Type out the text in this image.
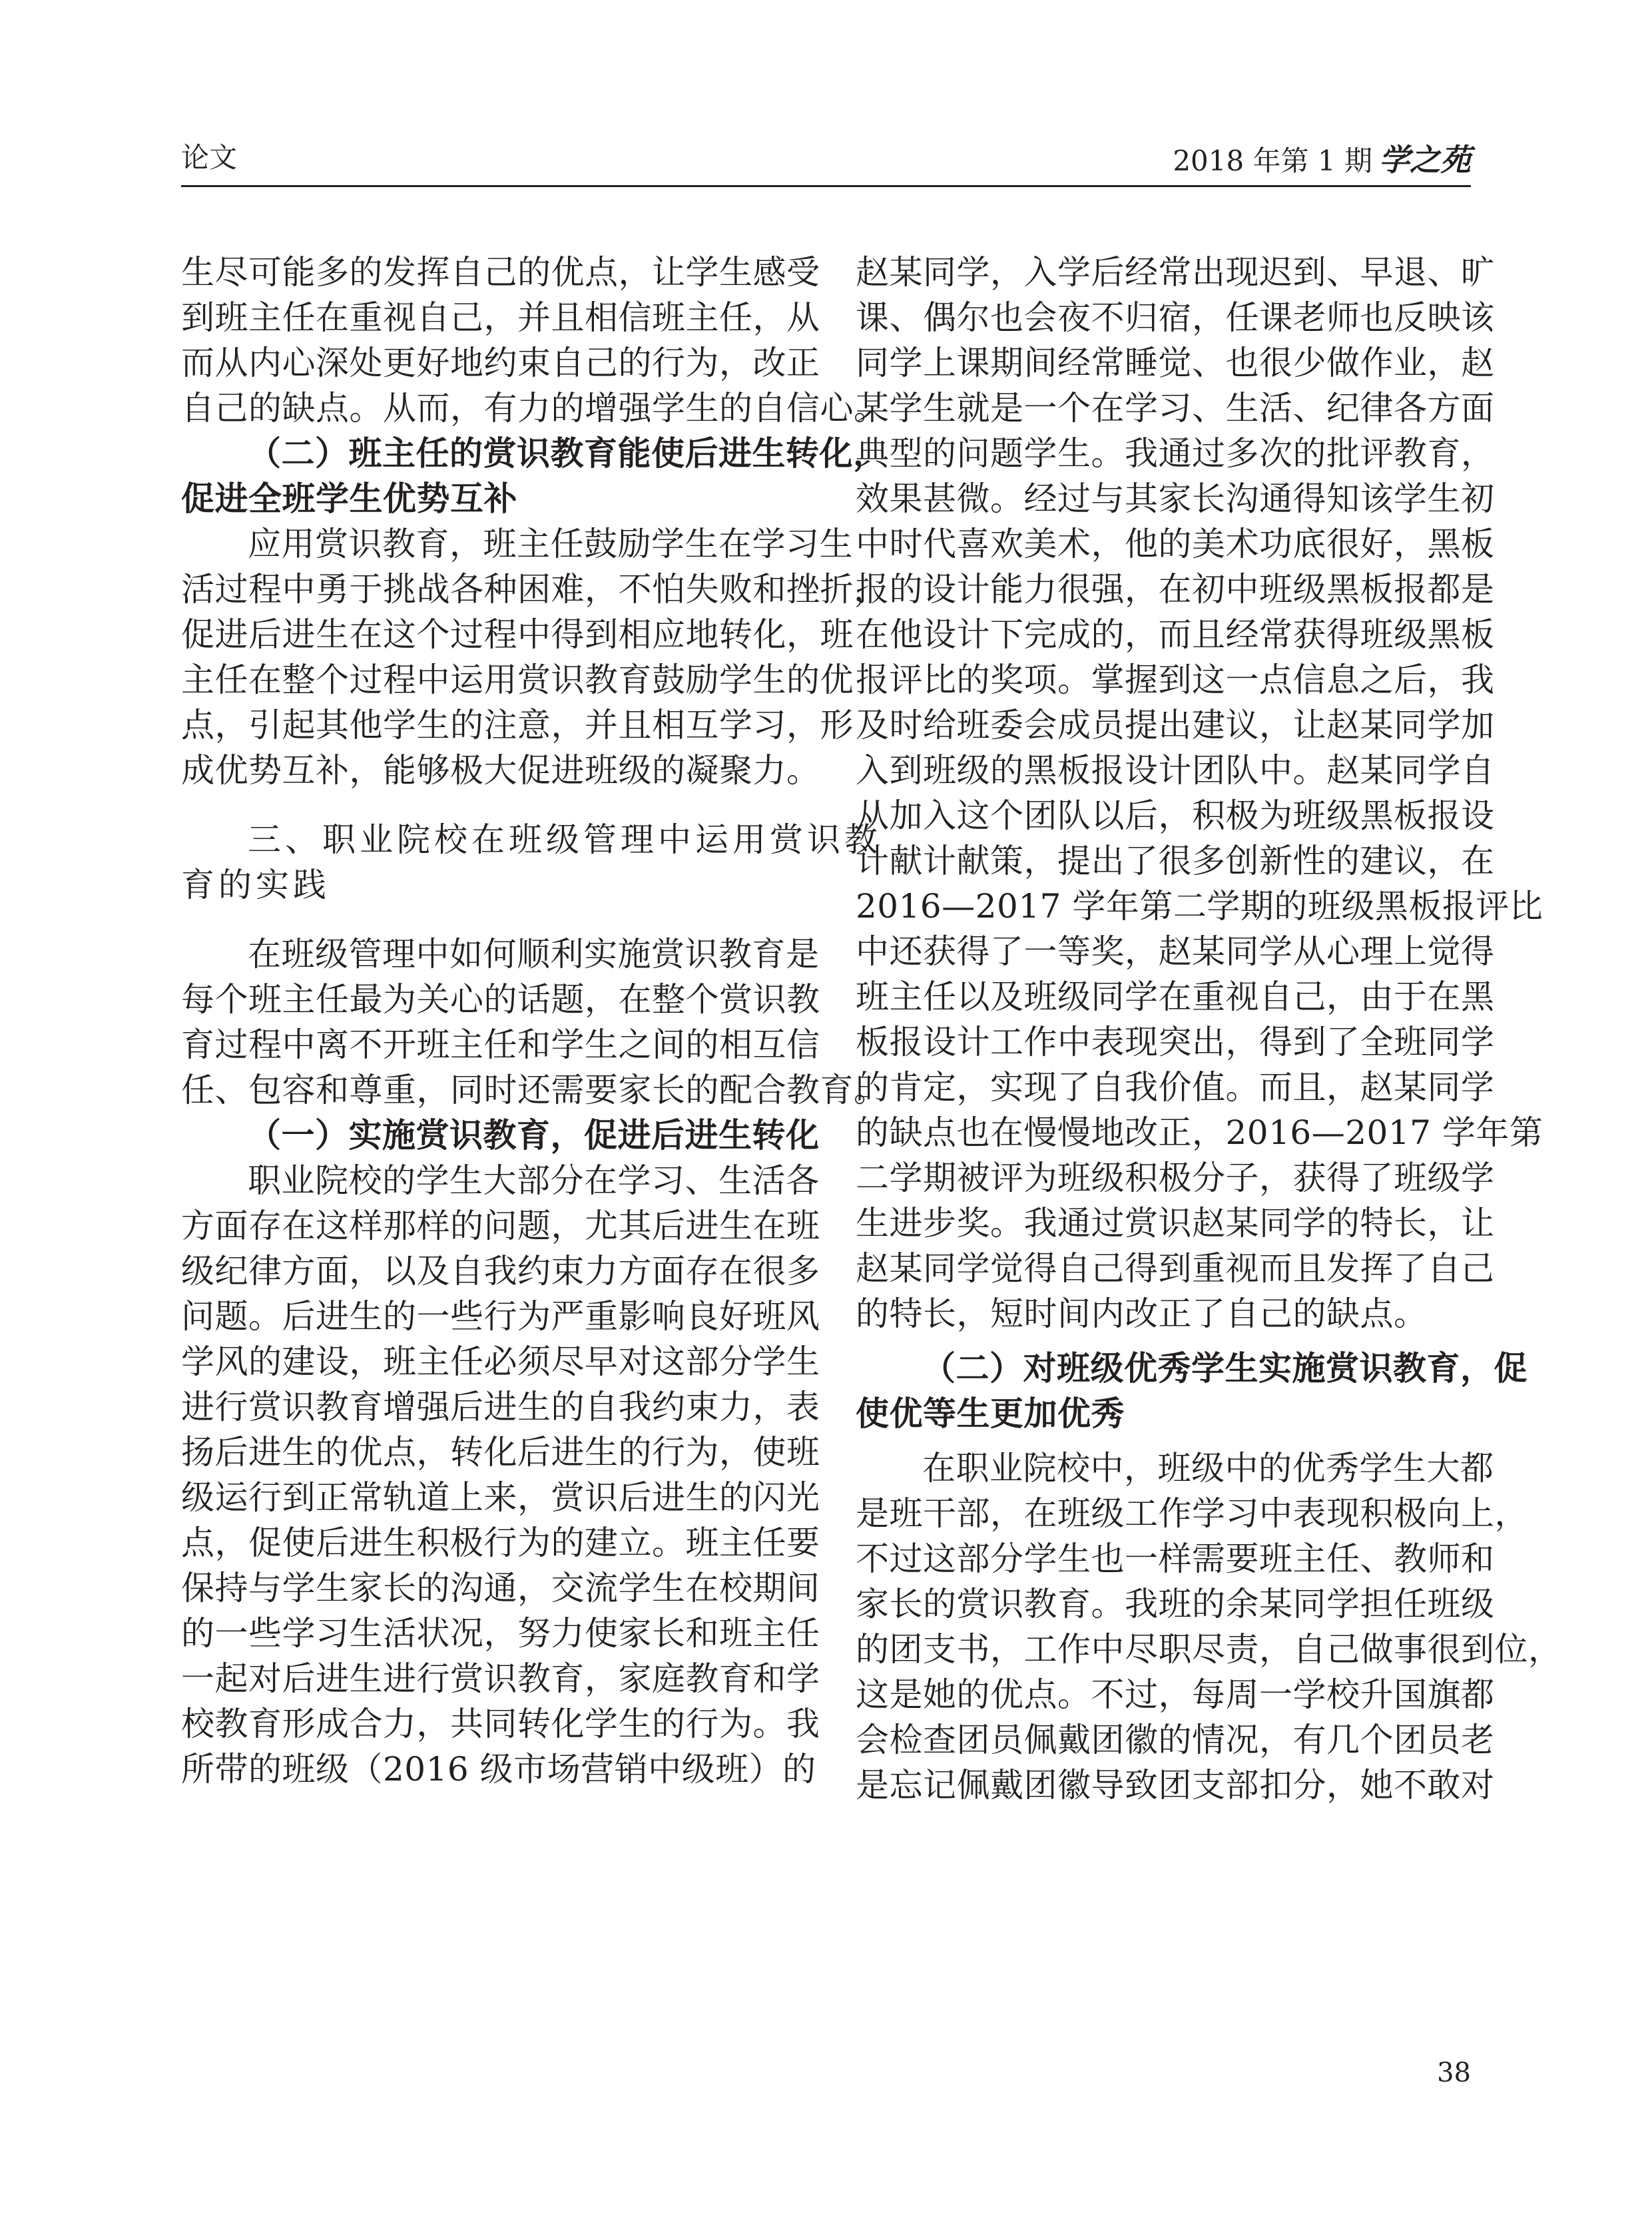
论文	2018 年第 1 期 学之苑
生尽可能多的发挥自己的优点，让学生感受
到班主任在重视自己，并且相信班主任，从
而从内心深处更好地约束自己的行为，改正
自己的缺点。从而，有力的增强学生的自信心。
（二）班主任的赏识教育能使后进生转化，
促进全班学生优势互补
应用赏识教育，班主任鼓励学生在学习生
活过程中勇于挑战各种困难，不怕失败和挫折，
促进后进生在这个过程中得到相应地转化，班
主任在整个过程中运用赏识教育鼓励学生的优
点，引起其他学生的注意，并且相互学习，形
成优势互补，能够极大促进班级的凝聚力。
三、职业院校在班级管理中运用赏识教
育的实践
在班级管理中如何顺利实施赏识教育是
每个班主任最为关心的话题，在整个赏识教
育过程中离不开班主任和学生之间的相互信
任、包容和尊重，同时还需要家长的配合教育。
（一）实施赏识教育，促进后进生转化
职业院校的学生大部分在学习、生活各
方面存在这样那样的问题，尤其后进生在班
级纪律方面，以及自我约束力方面存在很多
问题。后进生的一些行为严重影响良好班风
学风的建设，班主任必须尽早对这部分学生
进行赏识教育增强后进生的自我约束力，表
扬后进生的优点，转化后进生的行为，使班
级运行到正常轨道上来，赏识后进生的闪光
点，促使后进生积极行为的建立。班主任要
保持与学生家长的沟通，交流学生在校期间
的一些学习生活状况，努力使家长和班主任
一起对后进生进行赏识教育，家庭教育和学
校教育形成合力，共同转化学生的行为。我
所带的班级（2016 级市场营销中级班）的
赵某同学，入学后经常出现迟到、早退、旷
课、偶尔也会夜不归宿，任课老师也反映该
同学上课期间经常睡觉、也很少做作业，赵
某学生就是一个在学习、生活、纪律各方面
典型的问题学生。我通过多次的批评教育，
效果甚微。经过与其家长沟通得知该学生初
中时代喜欢美术，他的美术功底很好，黑板
报的设计能力很强，在初中班级黑板报都是
在他设计下完成的，而且经常获得班级黑板
报评比的奖项。掌握到这一点信息之后，我
及时给班委会成员提出建议，让赵某同学加
入到班级的黑板报设计团队中。赵某同学自
从加入这个团队以后，积极为班级黑板报设
计献计献策，提出了很多创新性的建议，在
2016—2017 学年第二学期的班级黑板报评比
中还获得了一等奖，赵某同学从心理上觉得
班主任以及班级同学在重视自己，由于在黑
板报设计工作中表现突出，得到了全班同学
的肯定，实现了自我价值。而且，赵某同学
的缺点也在慢慢地改正，2016—2017 学年第
二学期被评为班级积极分子，获得了班级学
生进步奖。我通过赏识赵某同学的特长，让
赵某同学觉得自己得到重视而且发挥了自己
的特长，短时间内改正了自己的缺点。
（二）对班级优秀学生实施赏识教育，促
使优等生更加优秀
在职业院校中，班级中的优秀学生大都
是班干部，在班级工作学习中表现积极向上，
不过这部分学生也一样需要班主任、教师和
家长的赏识教育。我班的余某同学担任班级
的团支书，工作中尽职尽责，自己做事很到位，
这是她的优点。不过，每周一学校升国旗都
会检查团员佩戴团徽的情况，有几个团员老
是忘记佩戴团徽导致团支部扣分，她不敢对
38
